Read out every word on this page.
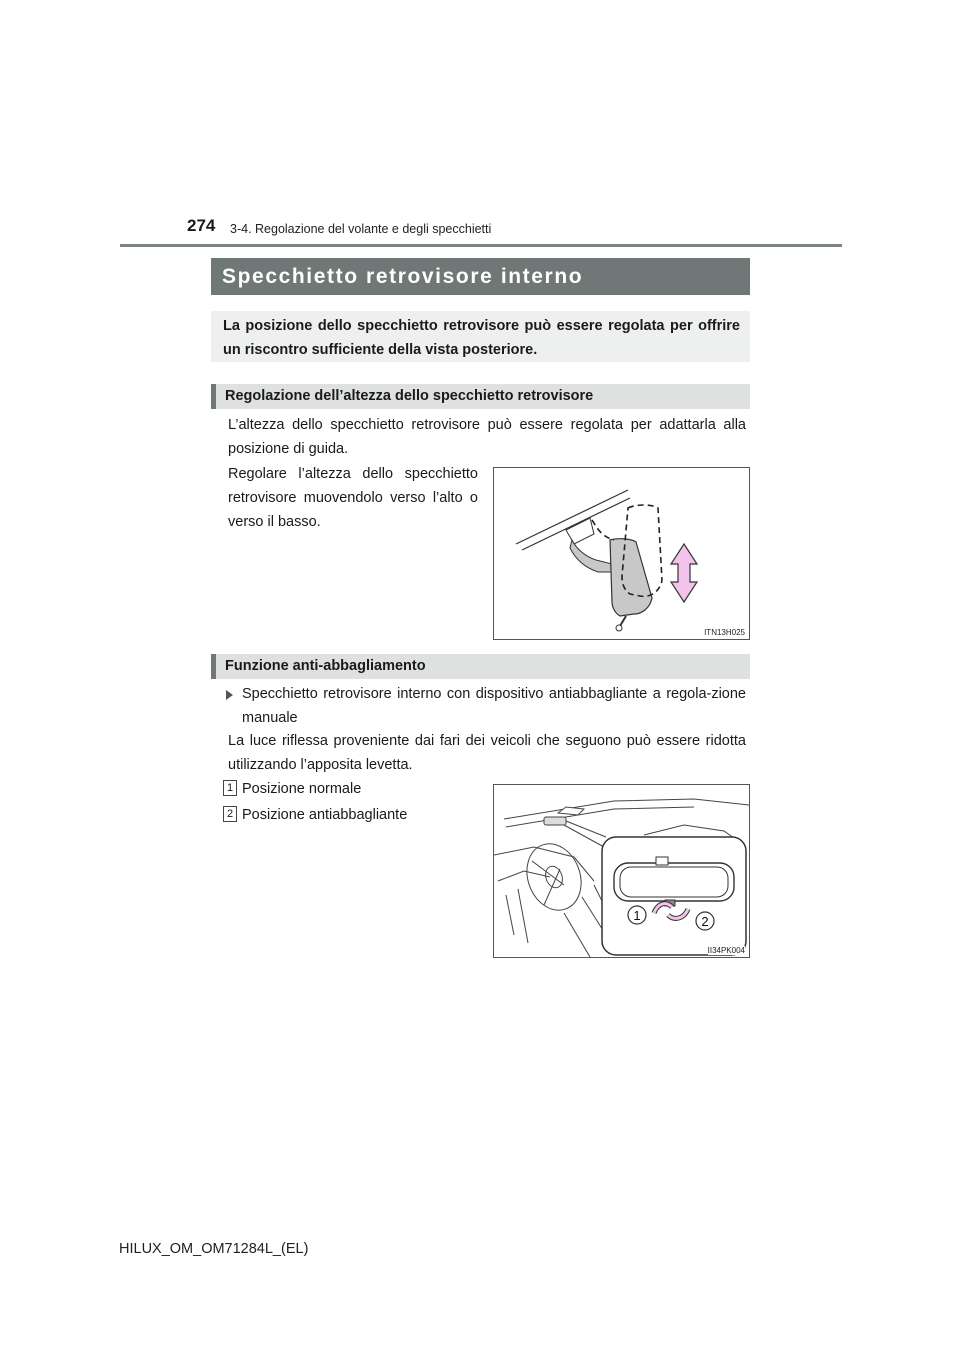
274 3-4. Regolazione del volante e degli specchietti
Specchietto retrovisore interno
La posizione dello specchietto retrovisore può essere regolata per offrire un riscontro sufficiente della vista posteriore.
Regolazione dell’altezza dello specchietto retrovisore
L’altezza dello specchietto retrovisore può essere regolata per adattarla alla posizione di guida.
Regolare l’altezza dello specchietto retrovisore muovendolo verso l’alto o verso il basso.
ITN13H025
Funzione anti-abbagliamento
Specchietto retrovisore interno con dispositivo antiabbagliante a regola-zione manuale
La luce riflessa proveniente dai fari dei veicoli che seguono può essere ridotta utilizzando l’apposita levetta.
1 Posizione normale
2 Posizione antiabbagliante
1	2
II34PK004
HILUX_OM_OM71284L_(EL)
